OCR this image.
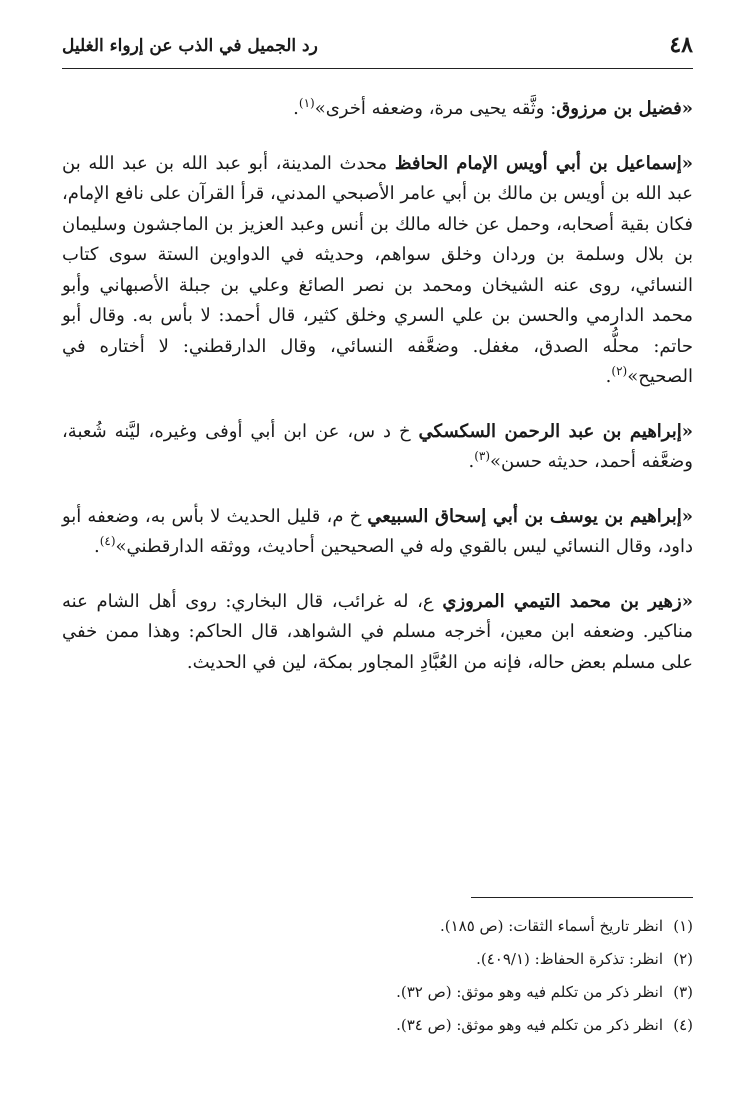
٤٨
رد الجميل في الذب عن إرواء الغليل

«فضيل بن مرزوق: وثَّقه يحيى مرة، وضعفه أخرى»$^{(١)}$.

«إسماعيل بن أبي أويس الإمام الحافظ محدث المدينة، أبو عبد الله بن عبد الله بن عبد الله بن أويس بن مالك بن أبي عامر الأصبحي المدني، قرأ القرآن على نافع الإمام، فكان بقية أصحابه، وحمل عن خاله مالك بن أنس وعبد العزيز بن الماجشون وسليمان بن بلال وسلمة بن وردان وخلق سواهم، وحديثه في الدواوين الستة سوى كتاب النسائي، روى عنه الشيخان ومحمد بن نصر الصائغ وعلي بن جبلة الأصبهاني وأبو محمد الدارمي والحسن بن علي السري وخلق كثير، قال أحمد: لا بأس به. وقال أبو حاتم: محلُّه الصدق، مغفل. وضعَّفه النسائي، وقال الدارقطني: لا أختاره في الصحيح»$^{(٢)}$.

«إبراهيم بن عبد الرحمن السكسكي خ د س، عن ابن أبي أوفى وغيره، ليَّنه شُعبة، وضعَّفه أحمد، حديثه حسن»$^{(٣)}$.

«إبراهيم بن يوسف بن أبي إسحاق السبيعي خ م، قليل الحديث لا بأس به، وضعفه أبو داود، وقال النسائي ليس بالقوي وله في الصحيحين أحاديث، ووثقه الدارقطني»$^{(٤)}$.

«زهير بن محمد التيمي المروزي ع، له غرائب، قال البخاري: روى أهل الشام عنه مناكير. وضعفه ابن معين، أخرجه مسلم في الشواهد، قال الحاكم: وهذا ممن خفي على مسلم بعض حاله، فإنه من العُبَّادِ المجاور بمكة، لين في الحديث.

(١)
انظر تاريخ أسماء الثقات: (ص ١٨٥).
(٢)
انظر: تذكرة الحفاظ: (٤٠٩/١).
(٣)
انظر ذكر من تكلم فيه وهو موثق: (ص ٣٢).
(٤)
انظر ذكر من تكلم فيه وهو موثق: (ص ٣٤).
